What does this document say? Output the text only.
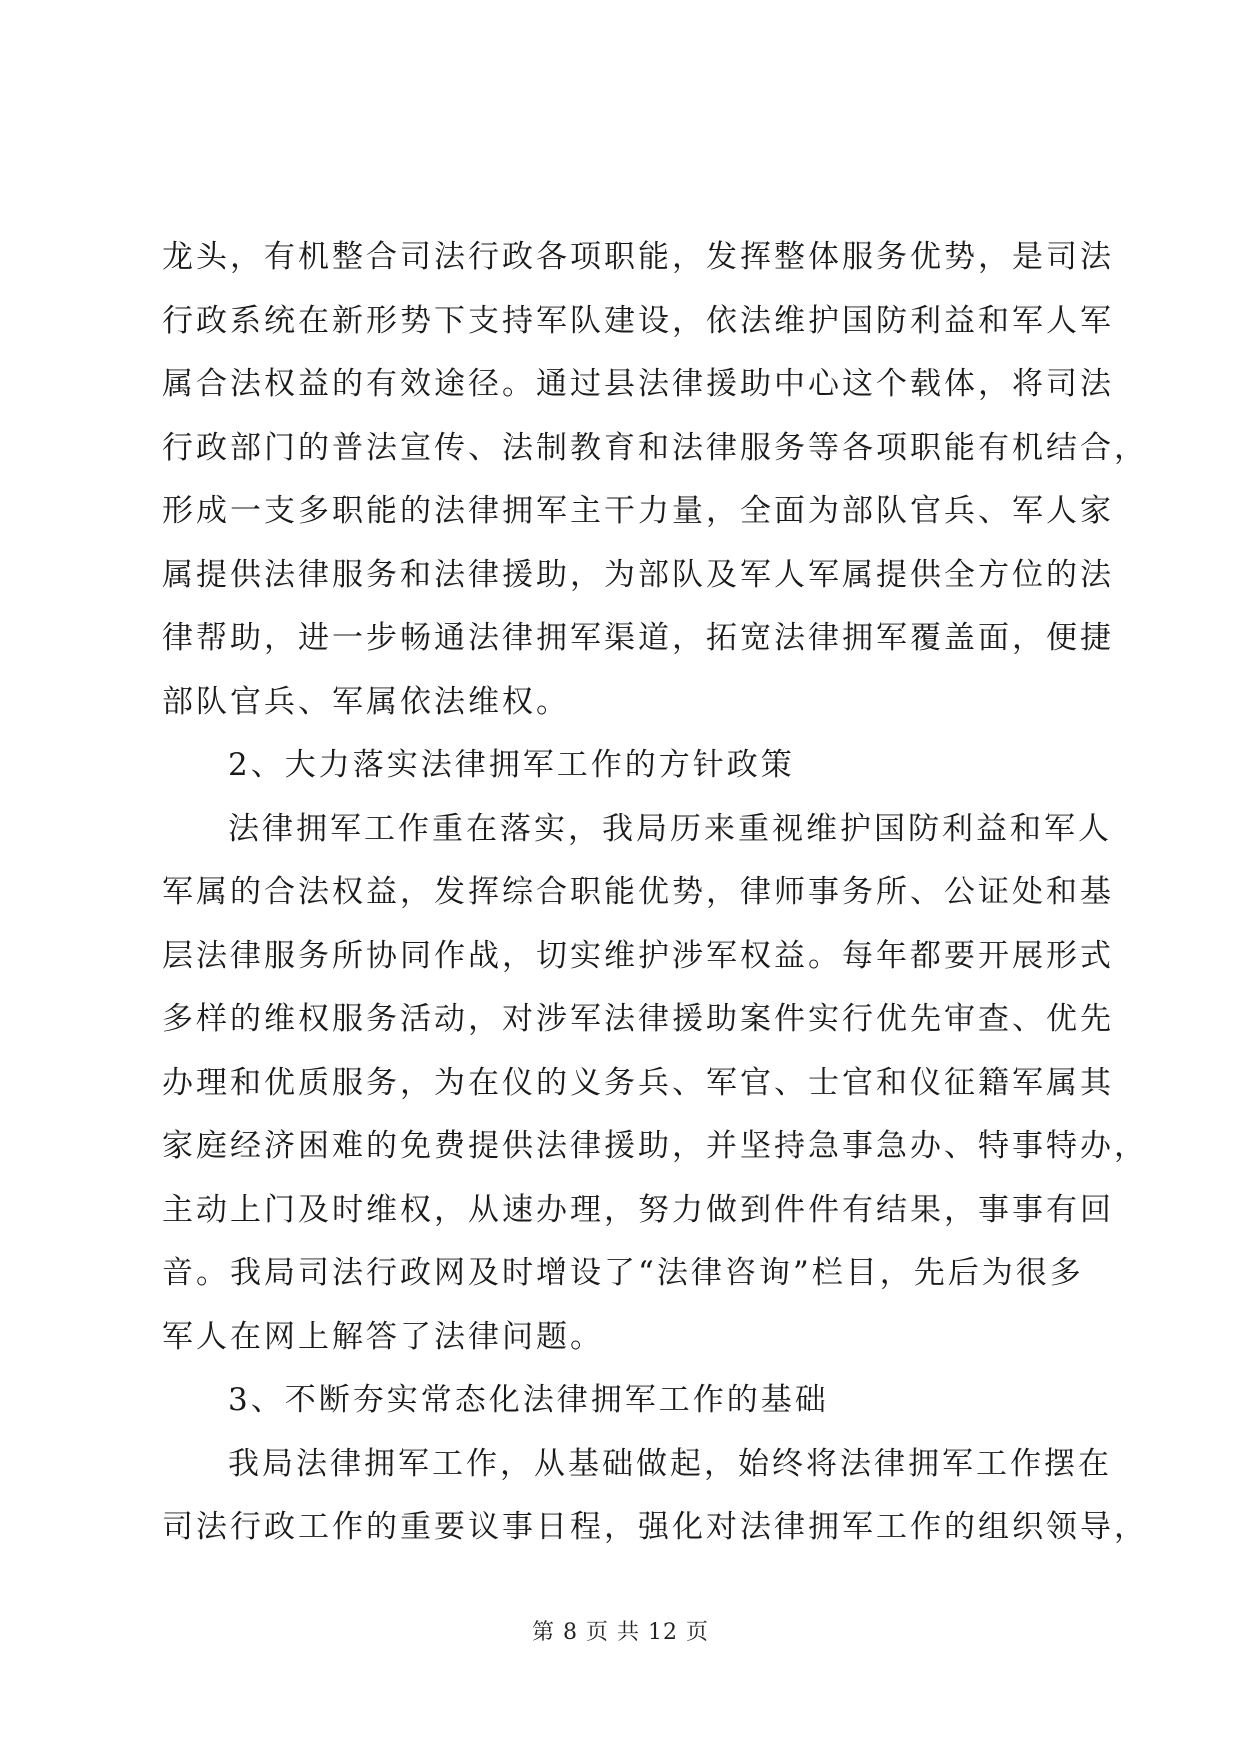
龙头，有机整合司法行政各项职能，发挥整体服务优势，是司法
行政系统在新形势下支持军队建设，依法维护国防利益和军人军
属合法权益的有效途径。通过县法律援助中心这个载体，将司法
行政部门的普法宣传、法制教育和法律服务等各项职能有机结合，
形成一支多职能的法律拥军主干力量，全面为部队官兵、军人家
属提供法律服务和法律援助，为部队及军人军属提供全方位的法
律帮助，进一步畅通法律拥军渠道，拓宽法律拥军覆盖面，便捷
部队官兵、军属依法维权。
2、大力落实法律拥军工作的方针政策
法律拥军工作重在落实，我局历来重视维护国防利益和军人
军属的合法权益，发挥综合职能优势，律师事务所、公证处和基
层法律服务所协同作战，切实维护涉军权益。每年都要开展形式
多样的维权服务活动，对涉军法律援助案件实行优先审查、优先
办理和优质服务，为在仪的义务兵、军官、士官和仪征籍军属其
家庭经济困难的免费提供法律援助，并坚持急事急办、特事特办，
主动上门及时维权，从速办理，努力做到件件有结果，事事有回
音。我局司法行政网及时增设了“法律咨询”栏目，先后为很多
军人在网上解答了法律问题。
3、不断夯实常态化法律拥军工作的基础
我局法律拥军工作，从基础做起，始终将法律拥军工作摆在
司法行政工作的重要议事日程，强化对法律拥军工作的组织领导，
第 8 页 共 12 页
